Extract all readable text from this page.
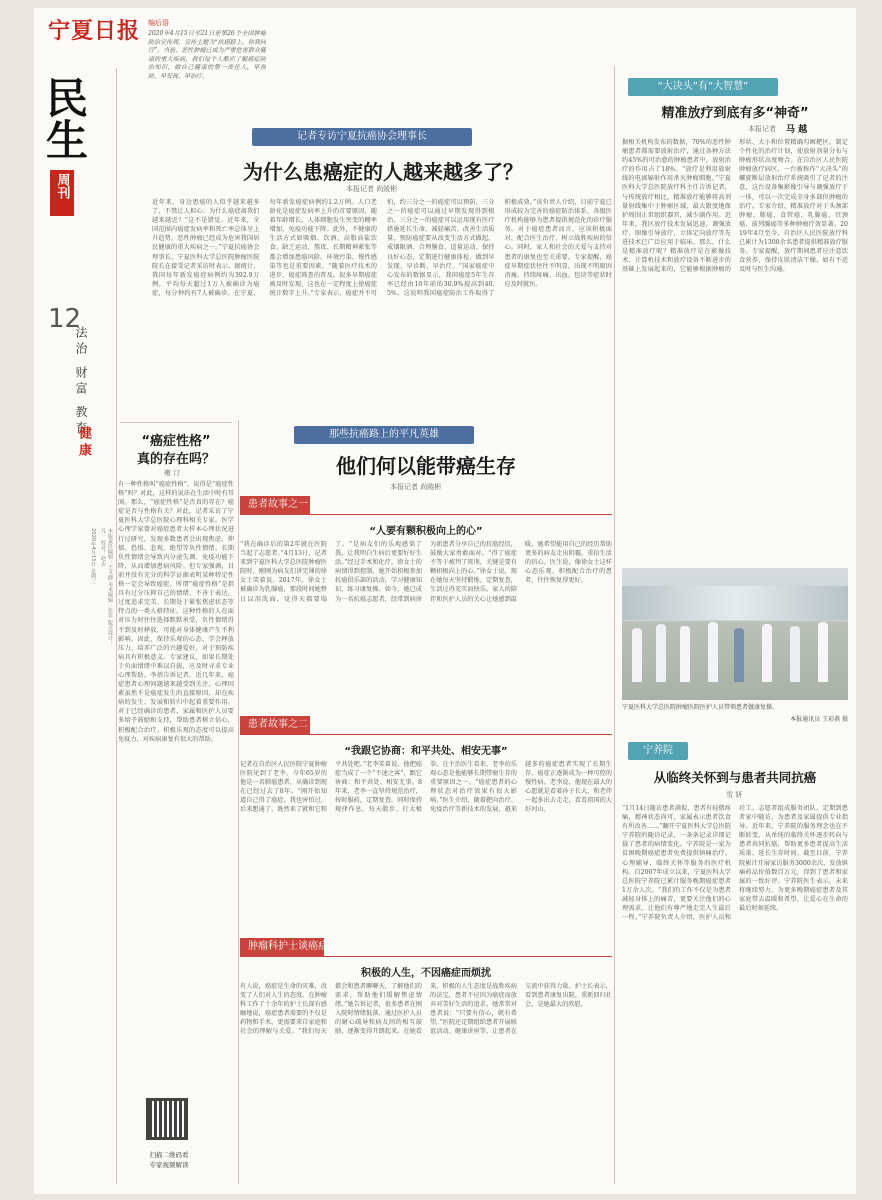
宁夏日报
民生
周刊
12
法治 财富 教育
健康
本版责任编辑：王文静 美术编辑：张菲 版式设计：凡一 校对：赵志
2020年4月15日 星期三
编后语
2020年4月15日至21日是第26个全国肿瘤防治宣传周，宣传主题为“抗癌路上，你我同行”。当前，恶性肿瘤已成为严重危害群众健康的重大疾病，我们每个人都应了解癌症防治知识，做自己健康的第一责任人，早预防、早发现、早治疗。
记者专访宁夏抗癌协会理事长
为什么患癌症的人越来越多了？
本报记者 尚陵彬
近年来，身边患癌的人似乎越来越多了，不禁让人担心：为什么癌症离我们越来越近？“这不是错觉。近年来，全国范围内癌症发病率和死亡率总体呈上升趋势，恶性肿瘤已经成为危害我国居民健康的重大疾病之一。”宁夏抗癌协会理事长、宁夏医科大学总医院肿瘤医院院长在接受记者采访时表示。据统计，我国每年新发癌症病例约为392.9万例，平均每天超过1万人被确诊为癌症，每分钟约有7人被确诊。在宁夏，每年新发癌症病例约1.2万例。人口老龄化是癌症发病率上升的首要原因，随着年龄增长，人体细胞发生突变的概率增加，免疫功能下降。此外，不健康的生活方式如吸烟、饮酒、高脂高盐饮食、缺乏运动、熬夜、长期精神紧张等都会增加患癌风险。环境污染、慢性感染等也是重要因素。“随着医疗技术的进步、癌症筛查的普及，很多早期癌症被及时发现，这也在一定程度上使癌症统计数字上升。”专家表示，癌症并不可怕，约三分之一的癌症可以预防，三分之一的癌症可以通过早期发现得到根治，三分之一的癌症可以运用现有医疗措施延长生命、减轻痛苦、改善生活质量。预防癌症要从改变生活方式做起，戒烟限酒、合理膳食、适量运动、保持良好心态，定期进行健康体检，做到早发现、早诊断、早治疗。“国家癌症中心发布的数据显示，我国癌症5年生存率已经由10年前的30.9%提高到40.5%，这说明我国癌症防治工作取得了积极成效。”该负责人介绍，目前宁夏已形成较为完善的癌症防治体系，各级医疗机构能够为患者提供规范化的诊疗服务。对于癌症患者而言，应该积极面对，配合医生治疗，树立战胜疾病的信心。同时，家人和社会的关爱与支持对患者的康复也至关重要。专家提醒，癌症早期症状往往不明显，出现不明原因消瘦、持续疼痛、出血、包块等症状时应及时就医。
“癌症性格”
真的存在吗？
雍 汀
有一种性格叫“癌症性格”，说得是“癌症性格”吗？对此，这样的说法在生活中时有耳闻。那么，“癌症性格”是否真的存在？癌症是否与性格有关？对此，记者采访了宁夏医科大学总医院心理科相关专家。医学心理学家曾对癌症患者大样本心理状况进行过研究，发现多数患者会出现焦虑、抑郁、恐惧、悲观、绝望等负性情绪。长期负性情绪会导致内分泌失调、免疫功能下降，从而增加患病风险。但专家强调，目前并没有充分的科学证据表明某种特定性格一定会导致癌症。所谓“癌症性格”是指具有过分压抑自己的情绪、不善于表达、过度追求完美、长期处于紧张焦虑状态等特点的一类人格特征。这种性格的人在面对压力时往往选择默默承受，负性情绪得不到及时释放，可能对身体健康产生不利影响。因此，保持乐观的心态、学会释放压力、培养广泛的兴趣爱好，对于预防疾病具有积极意义。专家建议，如果长期处于负面情绪中难以自拔，应及时寻求专业心理帮助。李蓓告诉记者，近几年来，癌症患者心理问题越来越受到关注。心理因素虽然不是癌症发生的直接原因，却在疾病的发生、发展和转归中起着重要作用。对于已经确诊的患者，家属和医护人员要多给予鼓励和支持，帮助患者树立信心，积极配合治疗。积极乐观的态度可以提高免疫力，对疾病康复有很大的帮助。
扫描二维码看
专家视频解读
那些抗癌路上的平凡英雄
他们何以能带癌生存
本报记者 尚陵彬
患者故事之一
“人要有颗积极向上的心”
“我在确诊后的第2年就在医院当起了志愿者。”4月13日，记者来到宁夏医科大学总医院肿瘤医院时，刚刚为病友们讲完课的徐女士笑着说。2017年，徐女士被确诊为乳腺癌，那段时间她整日以泪洗面，觉得天都要塌了。“是病友们的乐观感染了我，让我明白生病后更要好好生活。”经过手术和化疗，徐女士的病情得到控制，她开始积极参加抗癌俱乐部的活动，学习健康知识，练习康复操。如今，她已成为一名抗癌志愿者，经常到病房为新患者分享自己的抗癌经历，鼓励大家勇敢面对。“得了癌症不等于被判了死刑，关键是要有颗积极向上的心。”徐女士说，现在她每天坚持锻炼，定期复查，生活过得充实而快乐。家人的陪伴和医护人员的关心让她感到温暖，她希望能用自己的经历帮助更多的病友走出阴霾，重拾生活的信心。医生说，像徐女士这样心态乐观、积极配合治疗的患者，往往恢复得更好。
患者故事之二
“我跟它协商：和平共处、相安无事”
记者在自治区人民医院宁夏肿瘤医院见到了老李，今年65岁的他是一名肺癌患者，从确诊到现在已经过去了8年。“刚开始知道自己得了癌症，我也害怕过，后来想通了，既然来了就和它和平共处吧。”老李笑着说，他把癌症当成了一个“不速之客”，跟它协商：和平共处、相安无事。8年来，老李一直坚持规范治疗，按时服药，定期复查，同时保持规律作息，每天散步、打太极拳。在主治医生看来，老李的乐观心态是他能够长期带瘤生存的重要原因之一。“癌症患者的心理状态对治疗效果有很大影响。”医生介绍，随着靶向治疗、免疫治疗等新技术的发展，越来越多的癌症患者实现了长期生存，癌症正逐渐成为一种可控的慢性病。老李说，他现在最大的心愿就是看着孙子长大，和老伴一起多出去走走，看看祖国的大好河山。
肿瘤科护士谈癌症
积极的人生，不因癌症而烦扰
有人说，癌症是生命的灾难，改变了人们对人生的态度。在肿瘤科工作了十余年的护士长深有感触地说，癌症患者需要的不仅是药物和手术，更需要来自家庭和社会的理解与关爱。“我们每天都会和患者聊聊天，了解他们的需求，帮助他们缓解焦虑情绪。”她告诉记者，很多患者在刚入院时情绪低落，通过医护人员的耐心疏导和病友间的相互鼓励，逐渐变得开朗起来。在她看来，积极的人生态度是战胜疾病的法宝，患者不应因为癌症而放弃对美好生活的追求。她常常对患者说：“只要有信心，就有希望。”医院还定期组织患者开展联谊活动、健康讲座等，让患者在交流中获得力量。护士长表示，看到患者康复出院、重新回归社会，是她最大的欣慰。
“大决头”有“大智慧”
精准放疗到底有多“神奇”
本报记者 马 越
据相关机构发布的数据，70%的恶性肿瘤患者都需要放射治疗，通过各种方法约45%的可治愈的肿瘤患者中，放射治疗的作用占了18%。“放疗是利用放射线的电离辐射作用杀灭肿瘤细胞。”宁夏医科大学总医院放疗科主任告诉记者，与传统放疗相比，精准放疗能够将高剂量射线集中于肿瘤区域，最大限度地保护周围正常组织器官，减少副作用。近年来，我区放疗技术发展迅速，调强放疗、图像引导放疗、立体定向放疗等先进技术已广泛应用于临床。那么，什么是精准放疗呢？精准放疗是在影像技术、计算机技术和放疗设备不断进步的基础上发展起来的，它能够根据肿瘤的形状、大小和位置精确勾画靶区，制定个性化的治疗计划，使放射剂量分布与肿瘤形状高度吻合。在自治区人民医院肿瘤放疗病区，一台被称作“大决头”的螺旋断层放射治疗系统吸引了记者的注意，这台设备集影像引导与调强放疗于一体，可以一次完成全身多部位肿瘤的治疗。专家介绍，精准放疗对于头颈部肿瘤、肺癌、食管癌、乳腺癌、宫颈癌、前列腺癌等多种肿瘤疗效显著。2019年4月至今，自治区人民医院放疗科已累计为1300余名患者提供精准放疗服务。专家提醒，放疗期间患者应注意饮食营养，保持皮肤清洁干燥，如有不适及时与医生沟通。
宁夏医科大学总医院肿瘤医院医护人员带领患者做康复操。
本报通讯员 王彩燕 摄
宁养院
从临终关怀到与患者共同抗癌
雪 妍
“1月14日随访患者满侃，患者有轻微疼痛，精神状态尚可，家属表示患者饮食有所改善……”翻开宁夏医科大学总医院宁养院的随访记录，一条条记录详细记载了患者的病情变化。宁养院是一家为贫困晚期癌症患者免费提供镇痛治疗、心理辅导、临终关怀等服务的医疗机构。自2007年成立以来，宁夏医科大学总医院宁养院已累计服务晚期癌症患者1万余人次。“我们的工作不仅是为患者减轻身体上的痛苦，更要关注他们的心理需求，让他们有尊严地走完人生最后一程。”宁养院负责人介绍，医护人员和社工、志愿者组成服务团队，定期到患者家中随访，为患者及家属提供专业指导。近年来，宁养院的服务理念也在不断转变，从单纯的临终关怀逐步转向与患者共同抗癌，帮助更多患者提高生活质量、延长生存时间。截至目前，宁养院累计开展家访服务3000余次，发放镇痛药品价值数百万元，得到了患者和家属的一致好评。宁养院医生表示，未来将继续努力，为更多晚期癌症患者及其家庭带去温暖和希望，让爱心在生命的最后时刻延续。
